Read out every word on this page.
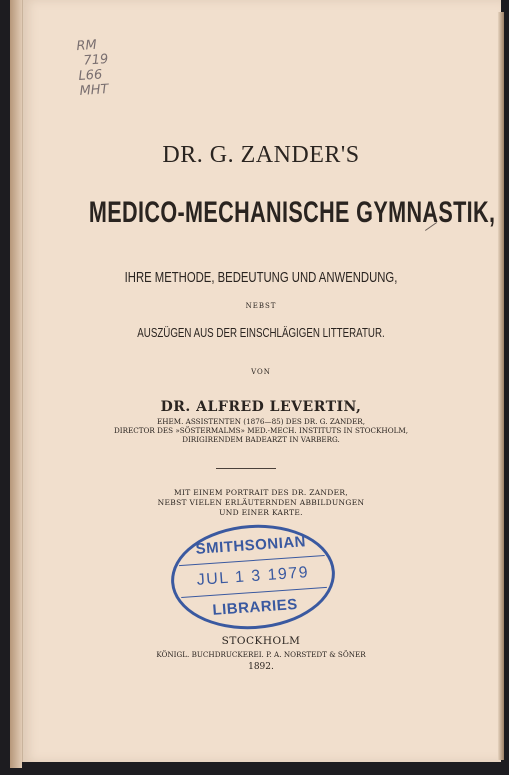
RM
719
L66
MHT
DR. G. ZANDER'S
MEDICO-MECHANISCHE GYMNASTIK,
IHRE METHODE, BEDEUTUNG UND ANWENDUNG,
NEBST
AUSZÜGEN AUS DER EINSCHLÄGIGEN LITTERATUR.
VON
DR. ALFRED LEVERTIN,
EHEM. ASSISTENTEN (1876—85) DES DR. G. ZANDER,
DIRECTOR DES »SÖSTERMALMS» MED.-MECH. INSTITUTS IN STOCKHOLM,
DIRIGIRENDEM BADEARZT IN VARBERG.
MIT EINEM PORTRAIT DES DR. ZANDER,
NEBST VIELEN ERLÄUTERNDEN ABBILDUNGEN
UND EINER KARTE.
SMITHSONIAN
JUL 1 3 1979
LIBRARIES
STOCKHOLM
KÖNIGL. BUCHDRUCKEREI. P. A. NORSTEDT & SÖNER
1892.
